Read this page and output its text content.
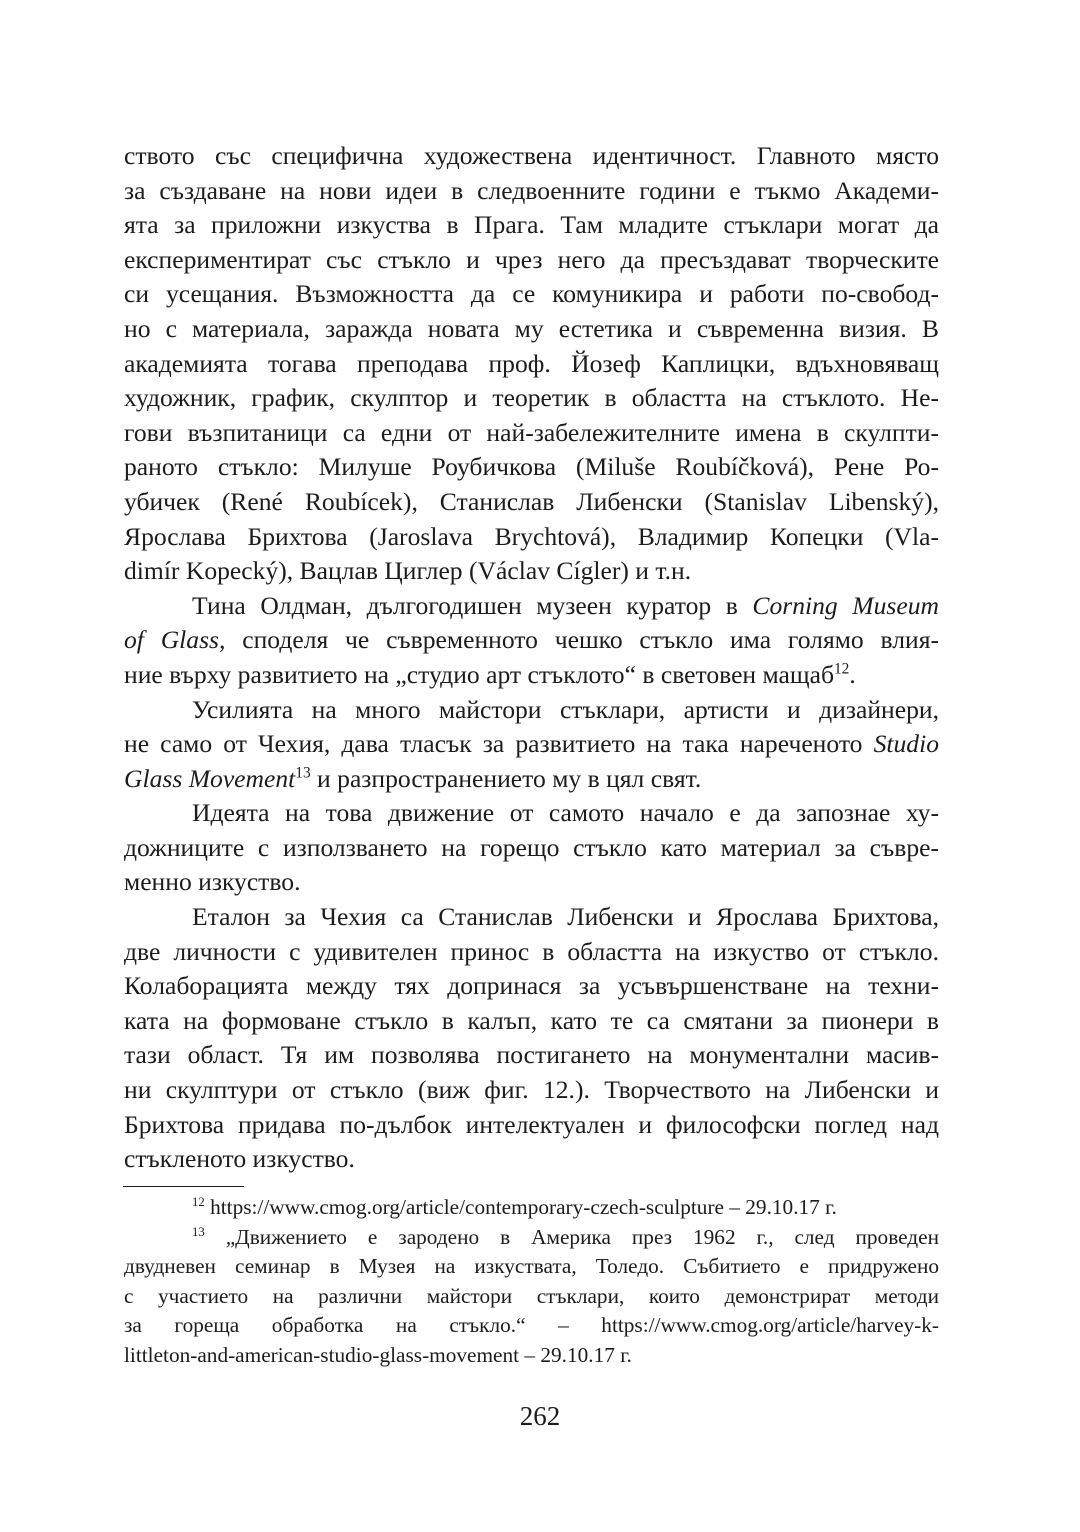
ството със специфична художествена идентичност. Главното място
за създаване на нови идеи в следвоенните години е тъкмо Академи-
ята за приложни изкуства в Прага. Там младите стъклари могат да
експериментират със стъкло и чрез него да пресъздават творческите
си усещания. Възможността да се комуникира и работи по-свобод-
но с материала, заражда новата му естетика и съвременна визия. В
академията тогава преподава проф. Йозеф Каплицки, вдъхновяващ
художник, график, скулптор и теоретик в областта на стъклото. Не-
гови възпитаници са едни от най-забележителните имена в скулпти-
раното стъкло: Милуше Роубичкова (Miluše Roubíčková), Рене Ро-
убичек (René Roubícek), Станислав Либенски (Stanislav Libenský),
Ярослава Брихтова (Jaroslava Brychtová), Владимир Копецки (Vla-
dimír Kopecký), Вацлав Циглер (Václav Cígler) и т.н.

Тина Олдман, дългогодишен музеен куратор в Corning Museum
of Glass, споделя че съвременното чешко стъкло има голямо влия-
ние върху развитието на „студио арт стъклото“ в световен мащаб$^{12}$.

Усилията на много майстори стъклари, артисти и дизайнери,
не само от Чехия, дава тласък за развитието на така нареченото Studio
Glass Movement$^{13}$ и разпространението му в цял свят.

Идеята на това движение от самото начало е да запознае ху-
дожниците с използването на горещо стъкло като материал за съвре-
менно изкуство.

Еталон за Чехия са Станислав Либенски и Ярослава Брихтова,
две личности с удивителен принос в областта на изкуство от стъкло.
Колаборацията между тях допринася за усъвършенстване на техни-
ката на формоване стъкло в калъп, като те са смятани за пионери в
тази област. Тя им позволява постигането на монументални масив-
ни скулптури от стъкло (виж фиг. 12.). Творчеството на Либенски и
Брихтова придава по-дълбок интелектуален и философски поглед над
стъкленото изкуство.

$^{12}$ https://www.cmog.org/article/contemporary-czech-sculpture – 29.10.17 г.

$^{13}$ „Движението е зародено в Америка през 1962 г., след проведен
двудневен семинар в Музея на изкуствата, Толедо. Събитието е придружено
с участието на различни майстори стъклари, които демонстрират методи
за гореща обработка на стъкло.“ – https://www.cmog.org/article/harvey-k-
littleton-and-american-studio-glass-movement – 29.10.17 г.

262
